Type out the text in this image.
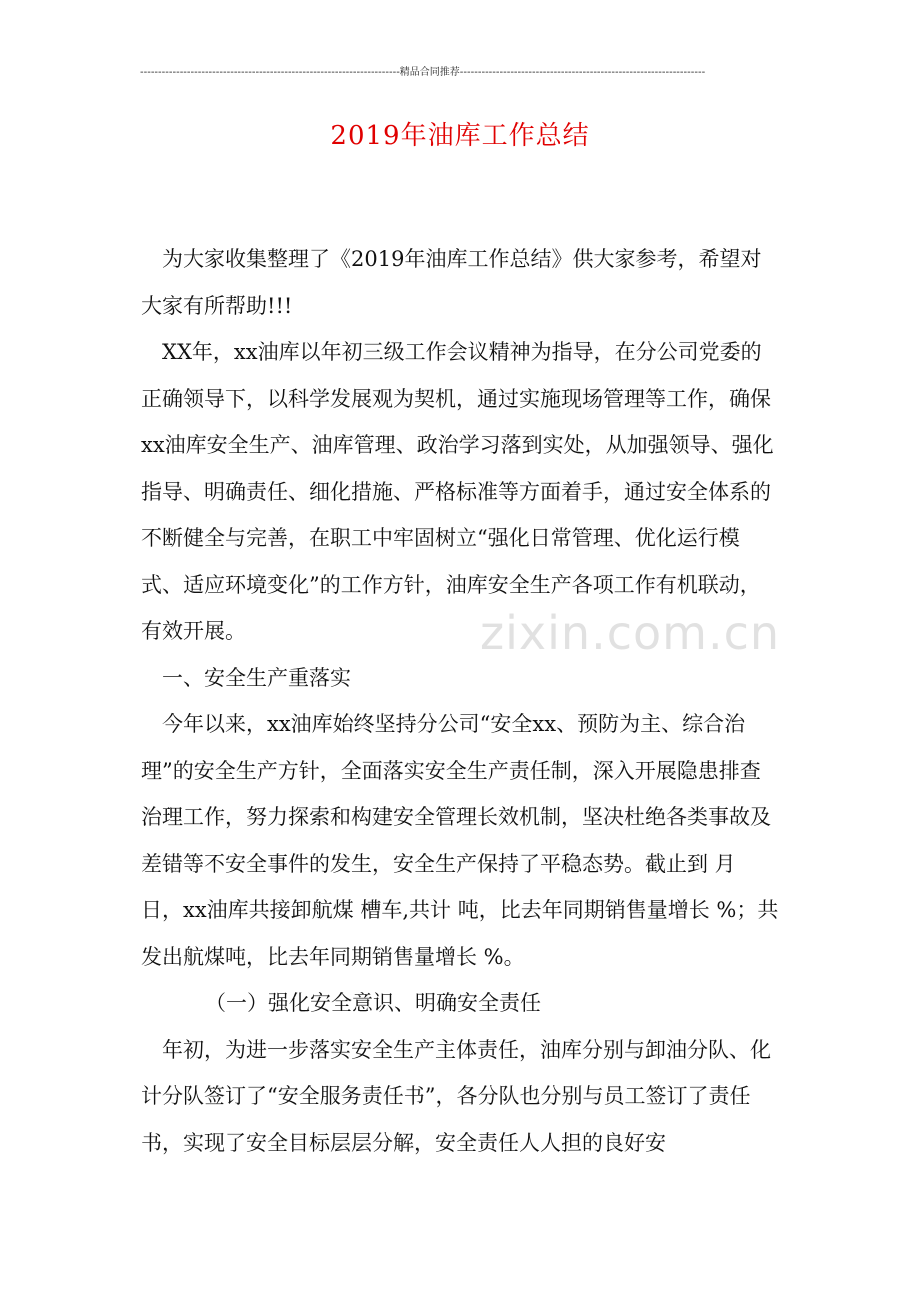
------------------------------------------------------------------------精品合同推荐--------------------------------------------------------------------
2019年油库工作总结

为大家收集整理了《2019年油库工作总结》供大家参考，希望对大家有所帮助!!!

XX年，xx油库以年初三级工作会议精神为指导，在分公司党委的正确领导下，以科学发展观为契机，通过实施现场管理等工作，确保xx油库安全生产、油库管理、政治学习落到实处，从加强领导、强化指导、明确责任、细化措施、严格标准等方面着手，通过安全体系的不断健全与完善，在职工中牢固树立“强化日常管理、优化运行模式、适应环境变化”的工作方针，油库安全生产各项工作有机联动，有效开展。

一、安全生产重落实

今年以来，xx油库始终坚持分公司“安全xx、预防为主、综合治理”的安全生产方针，全面落实安全生产责任制，深入开展隐患排查治理工作，努力探索和构建安全管理长效机制，坚决杜绝各类事故及差错等不安全事件的发生，安全生产保持了平稳态势。截止到 月 日，xx油库共接卸航煤 槽车,共计 吨，比去年同期销售量增长 %；共发出航煤吨，比去年同期销售量增长 %。

（一）强化安全意识、明确安全责任

年初，为进一步落实安全生产主体责任，油库分别与卸油分队、化计分队签订了“安全服务责任书”，各分队也分别与员工签订了责任书，实现了安全目标层层分解，安全责任人人担的良好安

zixin.com.cn
